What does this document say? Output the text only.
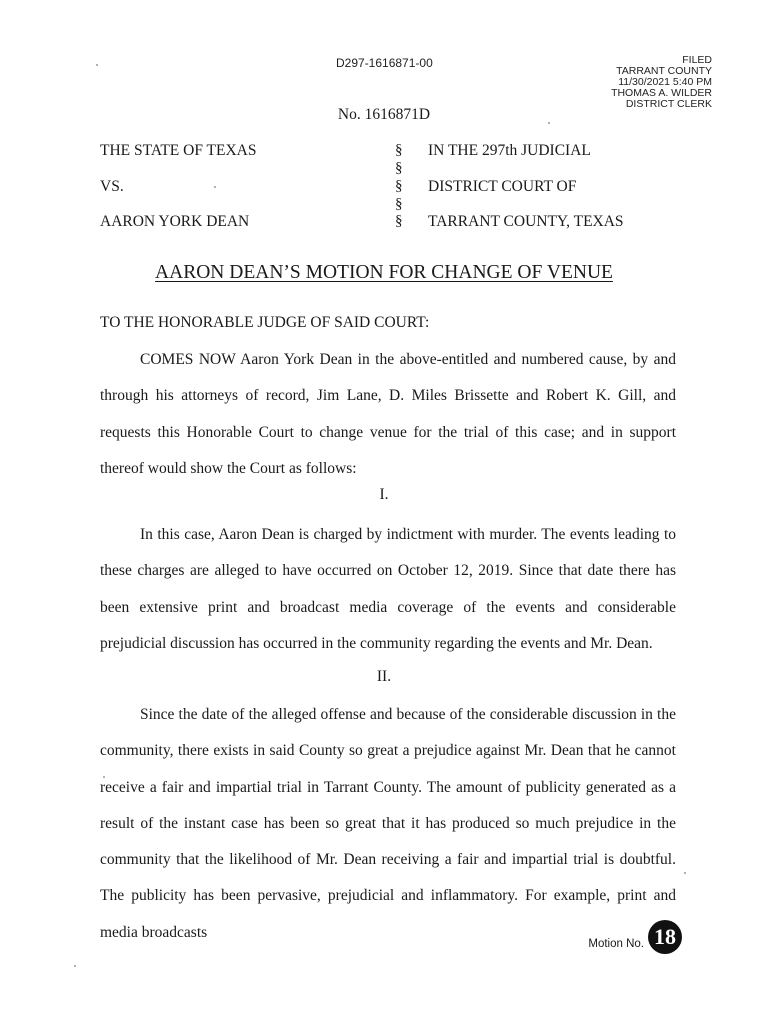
D297-1616871-00	FILED
TARRANT COUNTY
11/30/2021 5:40 PM
THOMAS A. WILDER
DISTRICT CLERK
No. 1616871D
THE STATE OF TEXAS
VS.
AARON YORK DEAN
§
§
§
§
§
IN THE 297th JUDICIAL
DISTRICT COURT OF
TARRANT COUNTY, TEXAS
AARON DEAN’S MOTION FOR CHANGE OF VENUE
TO THE HONORABLE JUDGE OF SAID COURT:

COMES NOW Aaron York Dean in the above-entitled and numbered cause, by and through his attorneys of record, Jim Lane, D. Miles Brissette and Robert K. Gill, and requests this Honorable Court to change venue for the trial of this case; and in support thereof would show the Court as follows:

I.

In this case, Aaron Dean is charged by indictment with murder. The events leading to these charges are alleged to have occurred on October 12, 2019. Since that date there has been extensive print and broadcast media coverage of the events and considerable prejudicial discussion has occurred in the community regarding the events and Mr. Dean.

II.

Since the date of the alleged offense and because of the considerable discussion in the community, there exists in said County so great a prejudice against Mr. Dean that he cannot receive a fair and impartial trial in Tarrant County. The amount of publicity generated as a result of the instant case has been so great that it has produced so much prejudice in the community that the likelihood of Mr. Dean receiving a fair and impartial trial is doubtful. The publicity has been pervasive, prejudicial and inflammatory. For example, print and media broadcasts

Motion No. 18
